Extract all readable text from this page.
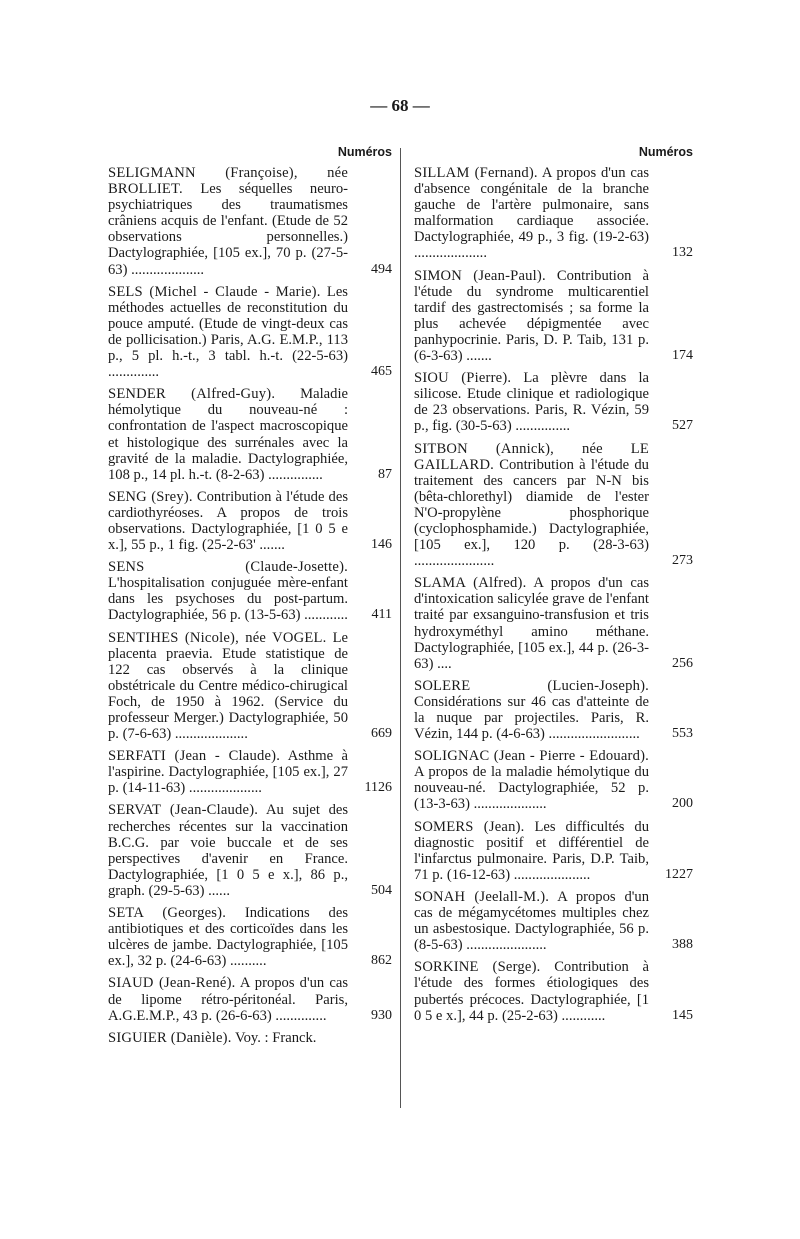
— 68 —
Numéros
SELIGMANN (Françoise), née BROLLIET. Les séquelles neuro-psychiatriques des traumatismes crâniens acquis de l'enfant. (Etude de 52 observations personnelles.) Dactylographiée, [105 ex.], 70 p. (27-5-63) ....................	494
SELS (Michel - Claude - Marie). Les méthodes actuelles de reconstitution du pouce amputé. (Etude de vingt-deux cas de pollicisation.) Paris, A.G. E.M.P., 113 p., 5 pl. h.-t., 3 tabl. h.-t. (22-5-63) ..............	465
SENDER (Alfred-Guy). Maladie hémolytique du nouveau-né : confrontation de l'aspect macroscopique et histologique des surrénales avec la gravité de la maladie. Dactylographiée, 108 p., 14 pl. h.-t. (8-2-63) ...............	87
SENG (Srey). Contribution à l'étude des cardiothyréoses. A propos de trois observations. Dactylographiée, [1 0 5 e x.], 55 p., 1 fig. (25-2-63' .......	146
SENS (Claude-Josette). L'hospitalisation conjuguée mère-enfant dans les psychoses du post-partum. Dactylographiée, 56 p. (13-5-63) ............ 411
SENTIHES (Nicole), née VOGEL. Le placenta praevia. Etude statistique de 122 cas observés à la clinique obstétricale du Centre médico-chirugical Foch, de 1950 à 1962. (Service du professeur Merger.) Dactylographiée, 50 p. (7-6-63) ....................	669
SERFATI (Jean - Claude). Asthme à l'aspirine. Dactylographiée, [105 ex.], 27 p. (14-11-63) ....................	1126
SERVAT (Jean-Claude). Au sujet des recherches récentes sur la vaccination B.C.G. par voie buccale et de ses perspectives d'avenir en France. Dactylographiée, [1 0 5 e x.], 86 p., graph. (29-5-63) ......	504
SETA (Georges). Indications des antibiotiques et des corticoïdes dans les ulcères de jambe. Dactylographiée, [105 ex.], 32 p. (24-6-63) ..........	862
SIAUD (Jean-René). A propos d'un cas de lipome rétro-péritonéal. Paris, A.G.E.M.P., 43 p. (26-6-63) ..............	930
SIGUIER (Danièle). Voy. : Franck.
Numéros
SILLAM (Fernand). A propos d'un cas d'absence congénitale de la branche gauche de l'artère pulmonaire, sans malformation cardiaque associée. Dactylographiée, 49 p., 3 fig. (19-2-63) ....................	132
SIMON (Jean-Paul). Contribution à l'étude du syndrome multicarentiel tardif des gastrectomisés ; sa forme la plus achevée dépigmentée avec panhypocrinie. Paris, D. P. Taib, 131 p. (6-3-63) .......	174
SIOU (Pierre). La plèvre dans la silicose. Etude clinique et radiologique de 23 observations. Paris, R. Vézin, 59 p., fig. (30-5-63) ...............	527
SITBON (Annick), née LE GAILLARD. Contribution à l'étude du traitement des cancers par N-N bis (bêta-chlorethyl) diamide de l'ester N'O-propylène phosphorique (cyclophosphamide.) Dactylographiée, [105 ex.], 120 p. (28-3-63) ......................	273
SLAMA (Alfred). A propos d'un cas d'intoxication salicylée grave de l'enfant traité par exsanguino-transfusion et tris hydroxyméthyl amino méthane. Dactylographiée, [105 ex.], 44 p. (26-3-63) ....	256
SOLERE (Lucien-Joseph). Considérations sur 46 cas d'atteinte de la nuque par projectiles. Paris, R. Vézin, 144 p. (4-6-63) ......................... 553
SOLIGNAC (Jean - Pierre - Edouard). A propos de la maladie hémolytique du nouveau-né. Dactylographiée, 52 p. (13-3-63) ....................	200
SOMERS (Jean). Les difficultés du diagnostic positif et différentiel de l'infarctus pulmonaire. Paris, D.P. Taib, 71 p. (16-12-63) .....................	1227
SONAH (Jeelall-M.). A propos d'un cas de mégamycétomes multiples chez un asbestosique. Dactylographiée, 56 p. (8-5-63) ......................	388
SORKINE (Serge). Contribution à l'étude des formes étiologiques des pubertés précoces. Dactylographiée, [1 0 5 e x.], 44 p. (25-2-63) ............	145
